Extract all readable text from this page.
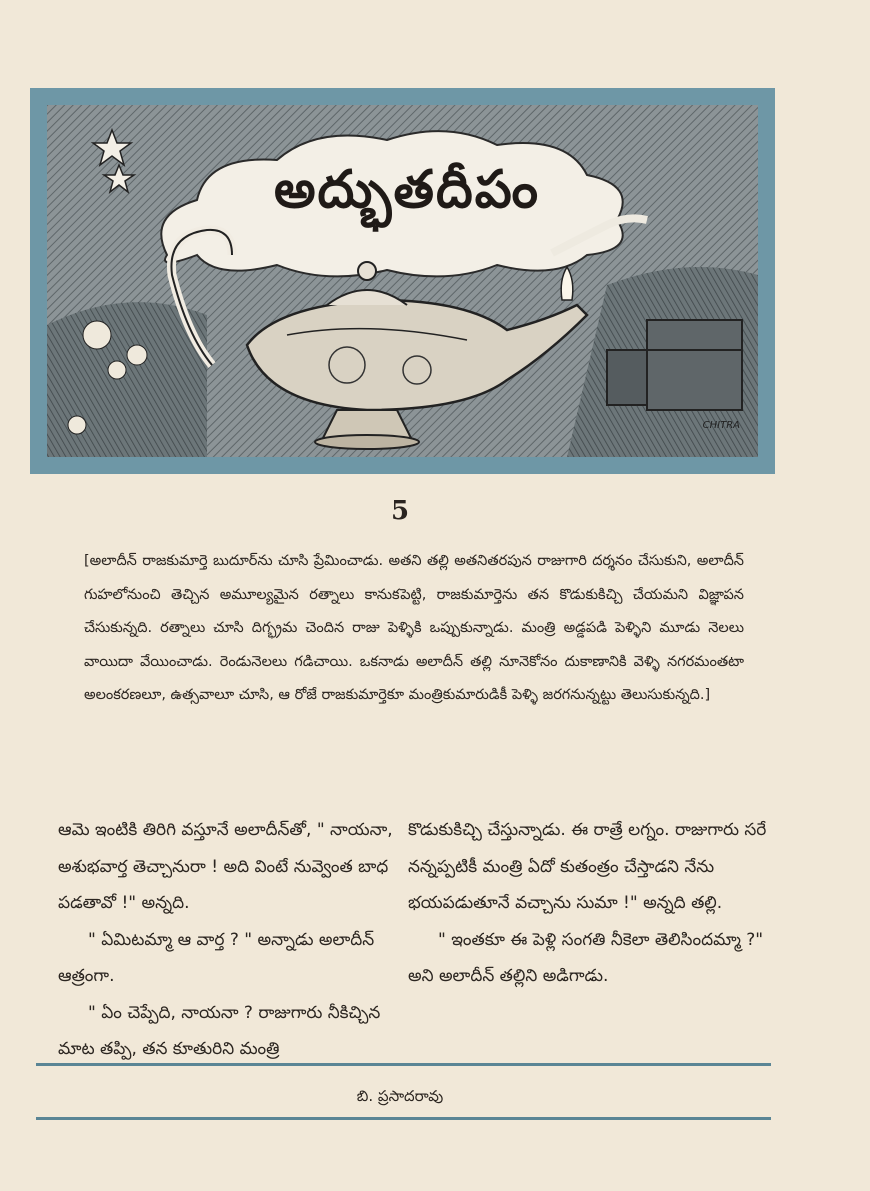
అద్భుతదీపం
CHITRA
5
[అలాదీన్ రాజకుమార్తె బుదూర్‌ను చూసి ప్రేమించాడు. అతని తల్లి అతనితరపున రాజుగారి దర్శనం చేసుకుని, అలాదీన్ గుహలోనుంచి తెచ్చిన అమూల్యమైన రత్నాలు కానుకపెట్టి, రాజకుమార్తెను తన కొడుకుకిచ్చి చేయమని విజ్ఞాపన చేసుకున్నది. రత్నాలు చూసి దిగ్భ్రమ చెందిన రాజు పెళ్ళికి ఒప్పుకున్నాడు. మంత్రి అడ్డపడి పెళ్ళిని మూడు నెలలు వాయిదా వేయించాడు. రెండునెలలు గడిచాయి. ఒకనాడు అలాదీన్ తల్లి నూనెకోనం దుకాణానికి వెళ్ళి నగరమంతటా అలంకరణలూ, ఉత్సవాలూ చూసి, ఆ రోజే రాజకుమార్తెకూ మంత్రికుమారుడికీ పెళ్ళి జరగనున్నట్టు తెలుసుకున్నది.]

ఆమె ఇంటికి తిరిగి వస్తూనే అలాదీన్‌తో, " నాయనా, అశుభవార్త తెచ్చానురా ! అది వింటే నువ్వెంత బాధ పడతావో !" అన్నది.

" ఏమిటమ్మా ఆ వార్త ? " అన్నాడు అలాదీన్ ఆత్రంగా.

" ఏం చెప్పేది, నాయనా ? రాజుగారు నీకిచ్చిన మాట తప్పి, తన కూతురిని మంత్రి

కొడుకుకిచ్చి చేస్తున్నాడు. ఈ రాత్రే లగ్నం. రాజుగారు సరే నన్నప్పటికీ మంత్రి ఏదో కుతంత్రం చేస్తాడని నేను భయపడుతూనే వచ్చాను సుమా !" అన్నది తల్లి.

" ఇంతకూ ఈ పెళ్లి సంగతి నీకెలా తెలిసిందమ్మా ?" అని అలాదీన్ తల్లిని అడిగాడు.

బి. ప్రసాదరావు
